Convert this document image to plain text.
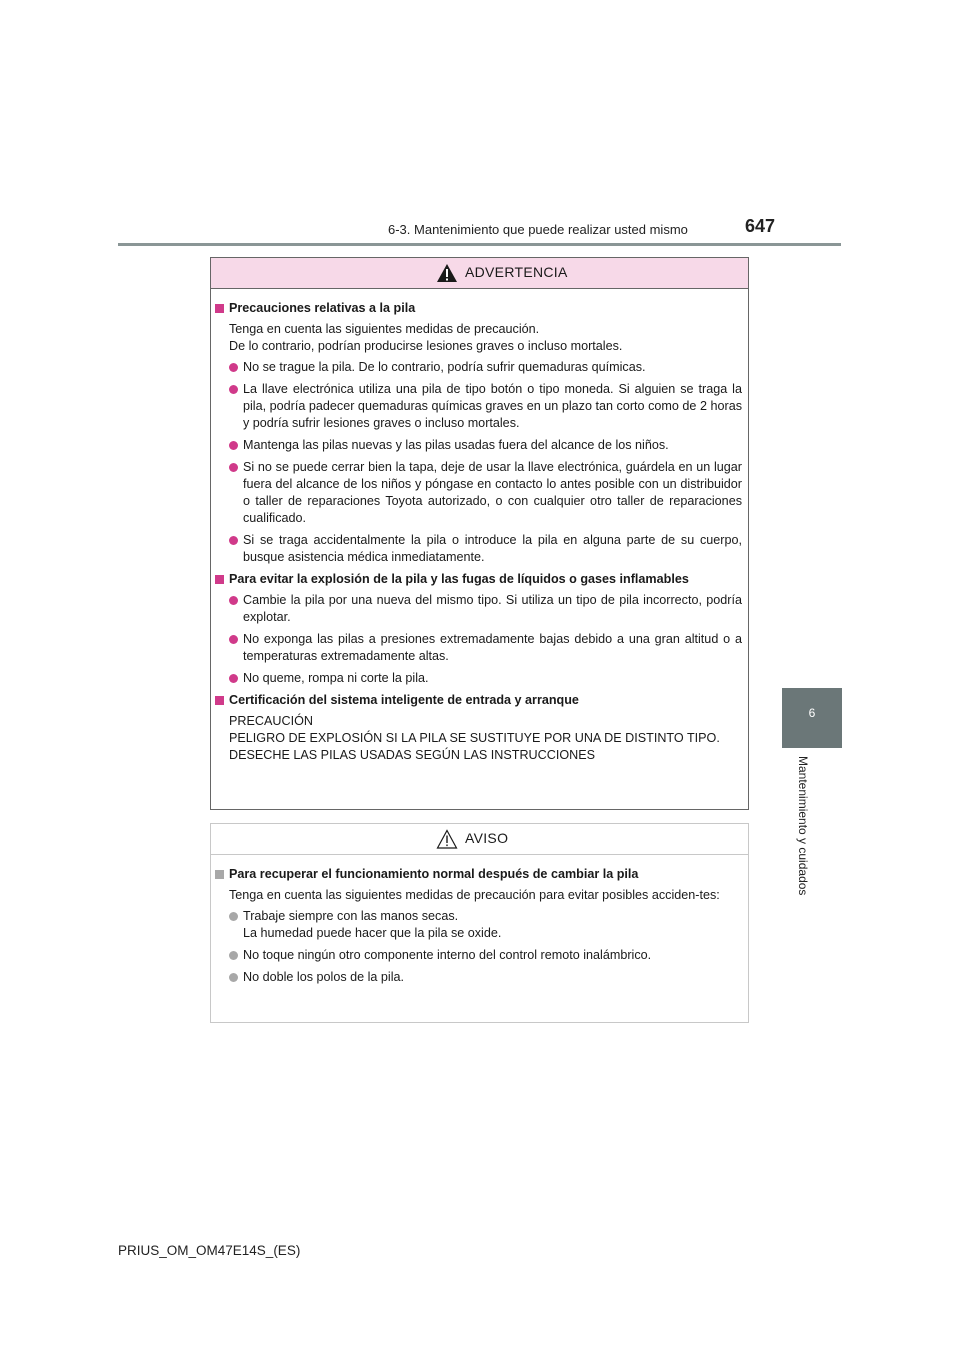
6-3. Mantenimiento que puede realizar usted mismo	647
6
Mantenimiento y cuidados
ADVERTENCIA
Precauciones relativas a la pila
Tenga en cuenta las siguientes medidas de precaución.
De lo contrario, podrían producirse lesiones graves o incluso mortales.
No se trague la pila. De lo contrario, podría sufrir quemaduras químicas.
La llave electrónica utiliza una pila de tipo botón o tipo moneda. Si alguien se traga la pila, podría padecer quemaduras químicas graves en un plazo tan corto como de 2 horas y podría sufrir lesiones graves o incluso mortales.
Mantenga las pilas nuevas y las pilas usadas fuera del alcance de los niños.
Si no se puede cerrar bien la tapa, deje de usar la llave electrónica, guárdela en un lugar fuera del alcance de los niños y póngase en contacto lo antes posible con un distribuidor o taller de reparaciones Toyota autorizado, o con cualquier otro taller de reparaciones cualificado.
Si se traga accidentalmente la pila o introduce la pila en alguna parte de su cuerpo, busque asistencia médica inmediatamente.
Para evitar la explosión de la pila y las fugas de líquidos o gases inflamables
Cambie la pila por una nueva del mismo tipo. Si utiliza un tipo de pila incorrecto, podría explotar.
No exponga las pilas a presiones extremadamente bajas debido a una gran altitud o a temperaturas extremadamente altas.
No queme, rompa ni corte la pila.
Certificación del sistema inteligente de entrada y arranque
PRECAUCIÓN
PELIGRO DE EXPLOSIÓN SI LA PILA SE SUSTITUYE POR UNA DE DISTINTO TIPO.
DESECHE LAS PILAS USADAS SEGÚN LAS INSTRUCCIONES
AVISO
Para recuperar el funcionamiento normal después de cambiar la pila
Tenga en cuenta las siguientes medidas de precaución para evitar posibles acciden-tes:
Trabaje siempre con las manos secas.
La humedad puede hacer que la pila se oxide.
No toque ningún otro componente interno del control remoto inalámbrico.
No doble los polos de la pila.
PRIUS_OM_OM47E14S_(ES)
